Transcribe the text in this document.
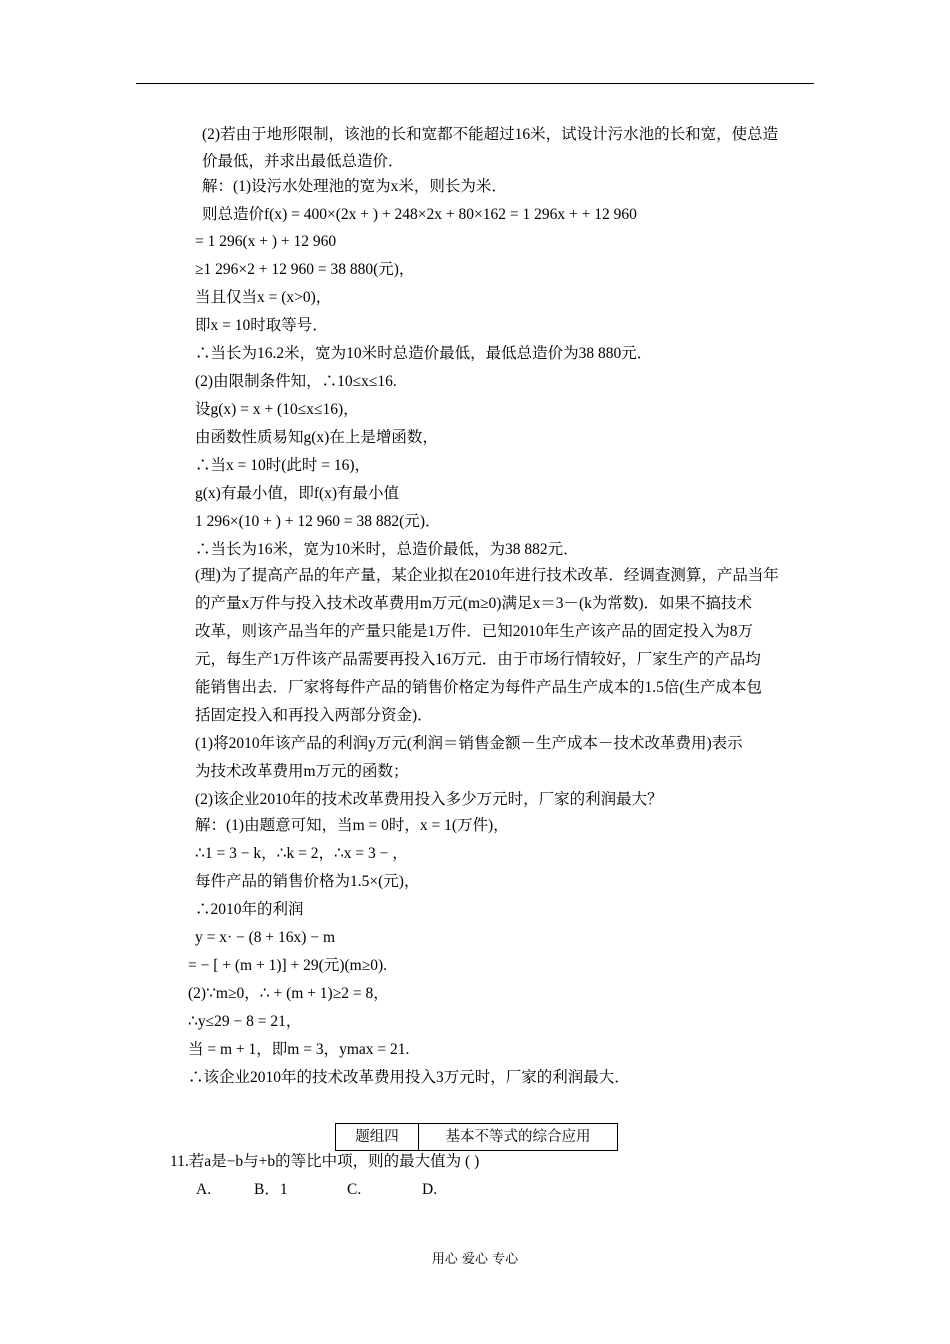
(2)若由于地形限制，该池的长和宽都不能超过16米，试设计污水池的长和宽，使总造
价最低，并求出最低总造价．
解：(1)设污水处理池的宽为x米，则长为米．
则总造价f(x) = 400×(2x + ) + 248×2x + 80×162 = 1 296x + + 12 960
= 1 296(x + ) + 12 960
≥1 296×2 + 12 960 = 38 880(元)，
当且仅当x = (x>0)，
即x = 10时取等号．
∴当长为16.2米，宽为10米时总造价最低，最低总造价为38 880元．
(2)由限制条件知，∴10≤x≤16.
设g(x) = x + (10≤x≤16)，
由函数性质易知g(x)在上是增函数，
∴当x = 10时(此时 = 16)，
g(x)有最小值，即f(x)有最小值
1 296×(10 + ) + 12 960 = 38 882(元)．
∴当长为16米，宽为10米时，总造价最低，为38 882元．
(理)为了提高产品的年产量，某企业拟在2010年进行技术改革．经调查测算，产品当年
的产量x万件与投入技术改革费用m万元(m≥0)满足x＝3－(k为常数)．如果不搞技术
改革，则该产品当年的产量只能是1万件．已知2010年生产该产品的固定投入为8万
元，每生产1万件该产品需要再投入16万元．由于市场行情较好，厂家生产的产品均
能销售出去．厂家将每件产品的销售价格定为每件产品生产成本的1.5倍(生产成本包
括固定投入和再投入两部分资金)．
(1)将2010年该产品的利润y万元(利润＝销售金额－生产成本－技术改革费用)表示
为技术改革费用m万元的函数；
(2)该企业2010年的技术改革费用投入多少万元时，厂家的利润最大？
解：(1)由题意可知，当m = 0时，x = 1(万件)，
∴1 = 3 − k，∴k = 2，∴x = 3 − ，
每件产品的销售价格为1.5×(元)，
∴2010年的利润
y = x· − (8 + 16x) − m
= − [ + (m + 1)] + 29(元)(m≥0).
(2)∵m≥0，∴ + (m + 1)≥2 = 8，
∴y≤29 − 8 = 21，
当 = m + 1，即m = 3，ymax = 21.
∴该企业2010年的技术改革费用投入3万元时，厂家的利润最大．
11.若a是−b与+b的等比中项，则的最大值为 ( )
题组四	基本不等式的综合应用
A.	B．1	C.	D.
用心 爱心 专心
